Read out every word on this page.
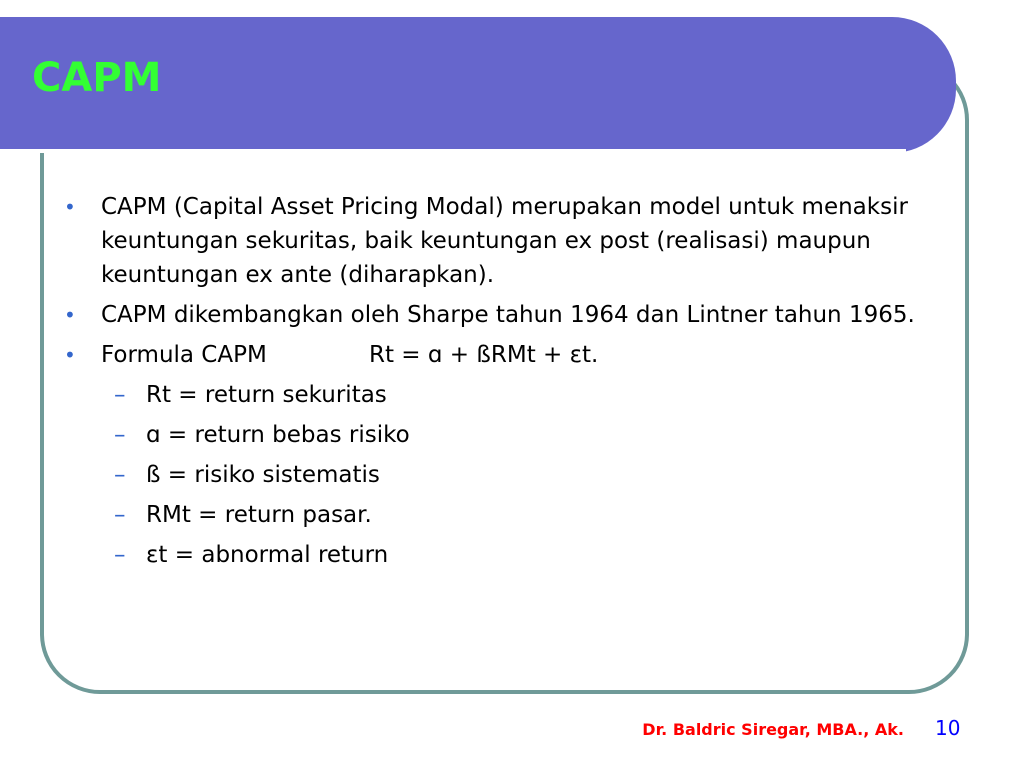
CAPM
• CAPM (Capital Asset Pricing Modal) merupakan model untuk menaksir keuntungan sekuritas, baik keuntungan ex post (realisasi) maupun keuntungan ex ante (diharapkan).
• CAPM dikembangkan oleh Sharpe tahun 1964 dan Lintner tahun 1965.
• Formula CAPM	Rt = ɑ + ßRMt + εt.
– Rt = return sekuritas
– ɑ = return bebas risiko
– ß = risiko sistematis
– RMt = return pasar.
– εt = abnormal return
Dr. Baldric Siregar, MBA., Ak. 10
